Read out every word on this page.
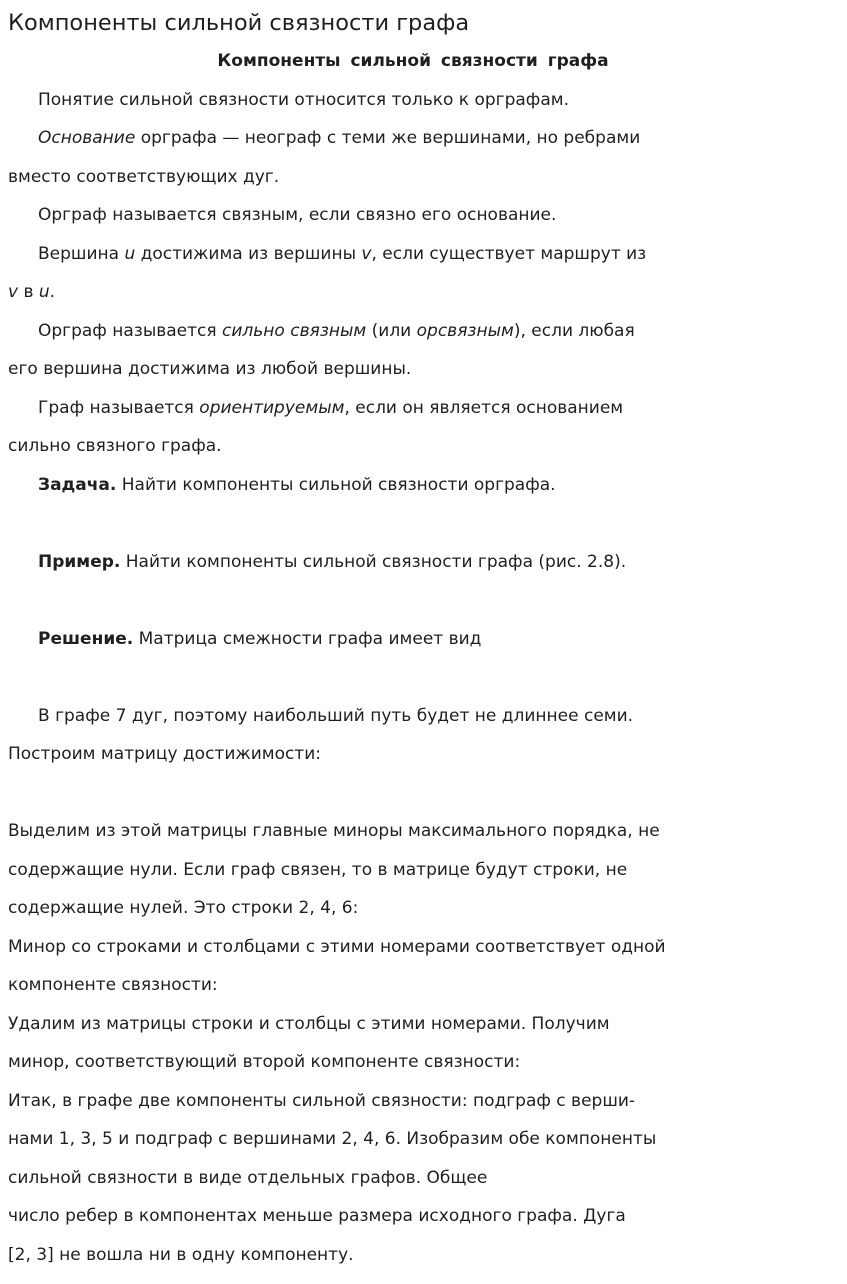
Компоненты сильной связности графа

Компоненты сильной связности графа

Понятие сильной связности относится только к орграфам.

Основание орграфа — неограф с теми же вершинами, но ребрами

вместо соответствующих дуг.

Орграф называется связным, если связно его основание.

Вершина u достижима из вершины v, если существует маршрут из

v в u.

Орграф называется сильно связным (или орсвязным), если любая

его вершина достижима из любой вершины.

Граф называется ориентируемым, если он является основанием

сильно связного графа.

Задача. Найти компоненты сильной связности орграфа.

Пример. Найти компоненты сильной связности графа (рис. 2.8).

Решение. Матрица смежности графа имеет вид

В графе 7 дуг, поэтому наибольший путь будет не длиннее семи.

Построим матрицу достижимости:

Выделим из этой матрицы главные миноры максимального порядка, не

содержащие нули. Если граф связен, то в матрице будут строки, не

содержащие нулей. Это строки 2, 4, 6:

Минор со строками и столбцами с этими номерами соответствует одной

компоненте связности:

Удалим из матрицы строки и столбцы с этими номерами. Получим

минор, соответствующий второй компоненте связности:

Итак, в графе две компоненты сильной связности: подграф с верши-

нами 1, 3, 5 и подграф с вершинами 2, 4, 6. Изобразим обе компоненты

сильной связности в виде отдельных графов. Общее

число ребер в компонентах меньше размера исходного графа. Дуга

[2, 3] не вошла ни в одну компоненту.
